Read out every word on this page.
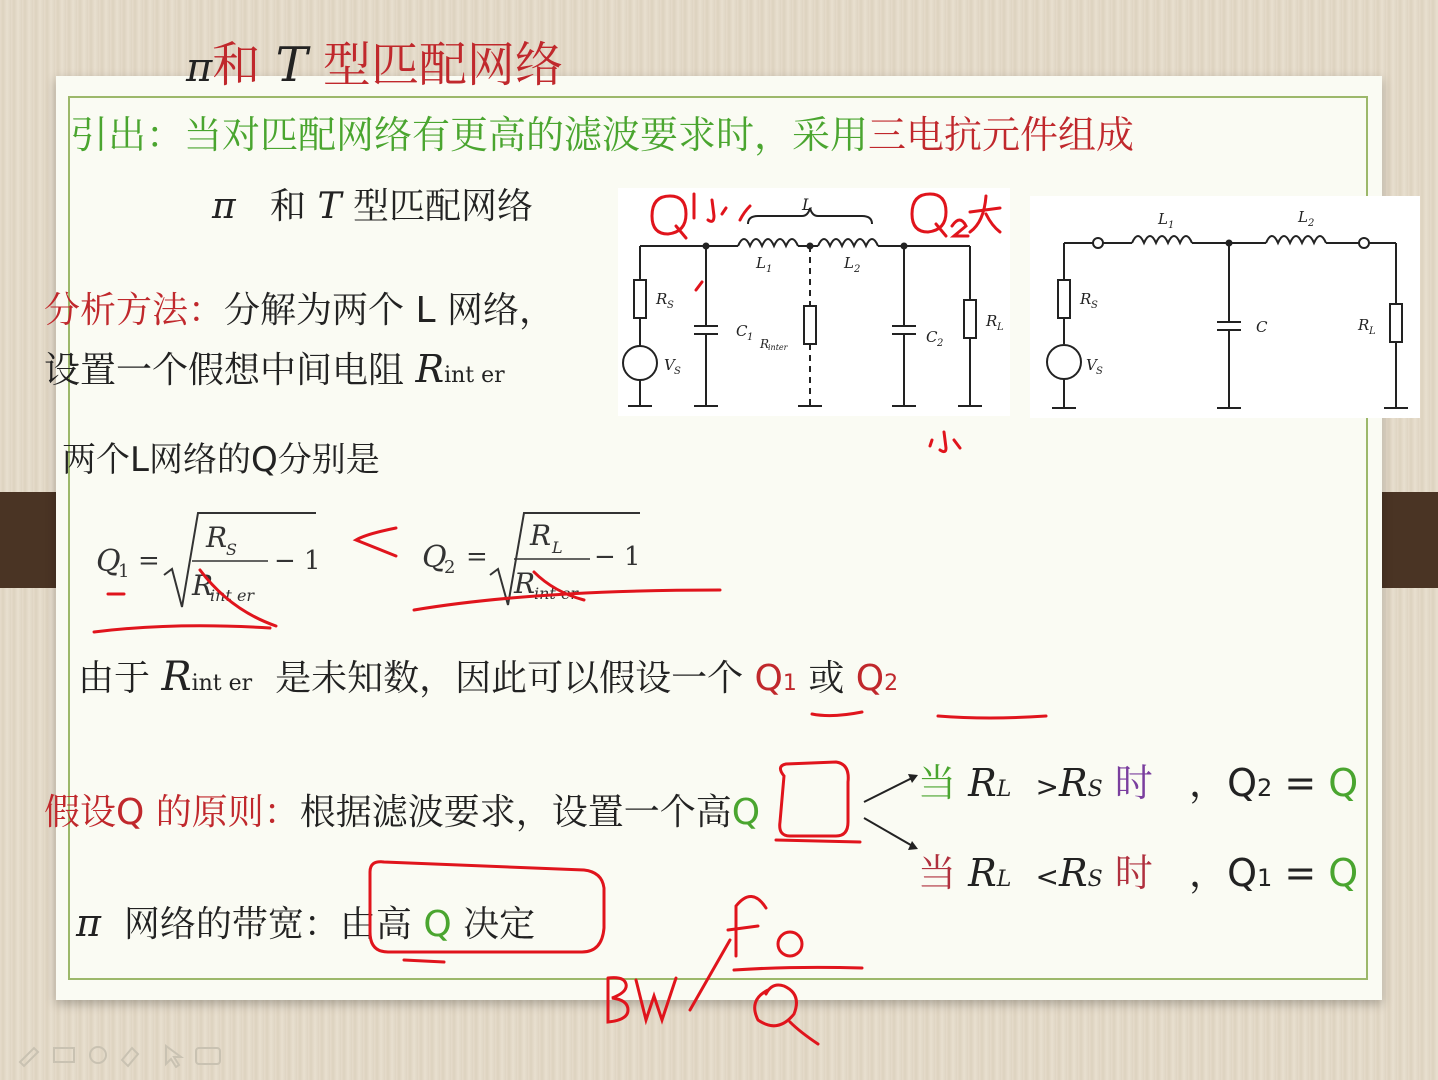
π和 T 型匹配网络
引出：当对匹配网络有更高的滤波要求时，采用三电抗元件组成
π 和 T 型匹配网络
分析方法：分解为两个 L 网络，
设置一个假想中间电阻 Rint er
L
L 1	L 2
R S
V S
C 1 R
inter
C 2
R L
L 1	L 2
R S
V S
C	R L
两个L网络的Q分别是
Q
1 =
R
S
R
int er
− 1	Q
2 =
R L
R
int er
− 1
由于 Rint er 是未知数，因此可以假设一个 Q1 或 Q2
假设Q 的原则：根据滤波要求，设置一个高Q
当 RL >RS 时 ，Q2 = Q
当 RL <RS 时 ，Q1 = Q
π 网络的带宽：由高 Q 决定
